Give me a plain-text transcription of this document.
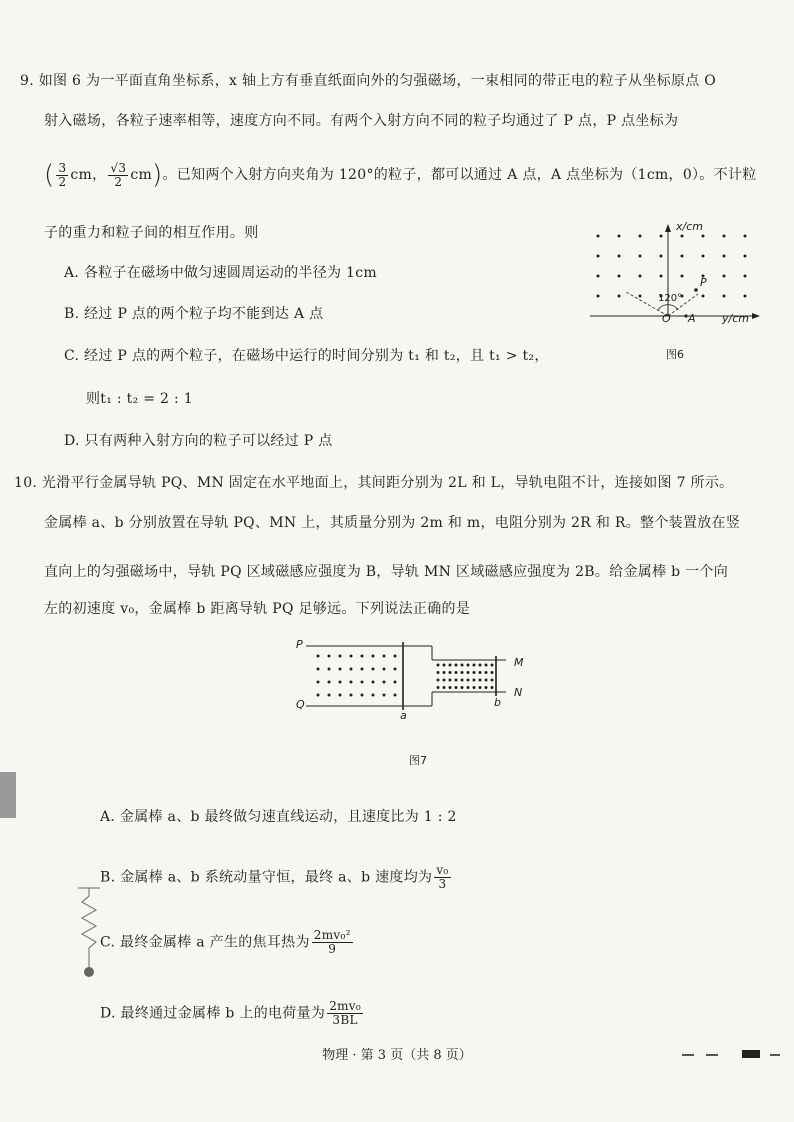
9. 如图 6 为一平面直角坐标系，x 轴上方有垂直纸面向外的匀强磁场，一束相同的带正电的粒子从坐标原点 O
射入磁场，各粒子速率相等，速度方向不同。有两个入射方向不同的粒子均通过了 P 点，P 点坐标为
( $\frac{3}{2}$ cm， $\frac{√3}{2} cm$)。已知两个入射方向夹角为 120°的粒子，都可以通过 A 点，A 点坐标为（1cm，0）。不计粒
子的重力和粒子间的相互作用。则
A. 各粒子在磁场中做匀速圆周运动的半径为 1cm
B. 经过 P 点的两个粒子均不能到达 A 点
C. 经过 P 点的两个粒子，在磁场中运行的时间分别为 t₁ 和 t₂，且 t₁ > t₂，
则t₁ : t₂ = 2 : 1
D. 只有两种入射方向的粒子可以经过 P 点
x/cm
y/cm
O A
P
120°
图6
10. 光滑平行金属导轨 PQ、MN 固定在水平地面上，其间距分别为 2L 和 L，导轨电阻不计，连接如图 7 所示。
金属棒 a、b 分别放置在导轨 PQ、MN 上，其质量分别为 2m 和 m，电阻分别为 2R 和 R。整个装置放在竖
直向上的匀强磁场中，导轨 PQ 区域磁感应强度为 B，导轨 MN 区域磁感应强度为 2B。给金属棒 b 一个向
左的初速度 v₀，金属棒 b 距离导轨 PQ 足够远。下列说法正确的是
P
Q
M
N
a
b
图7
A. 金属棒 a、b 最终做匀速直线运动，且速度比为 1 : 2
B. 金属棒 a、b 系统动量守恒，最终 a、b 速度均为 $\frac{\text{v₀}}{3}$
C. 最终金属棒 a 产生的焦耳热为 $\frac{\text{2mv₀²}}{9}$
D. 最终通过金属棒 b 上的电荷量为 $\frac{\text{2mv₀}}{3BL}$
物理 · 第 3 页（共 8 页）
